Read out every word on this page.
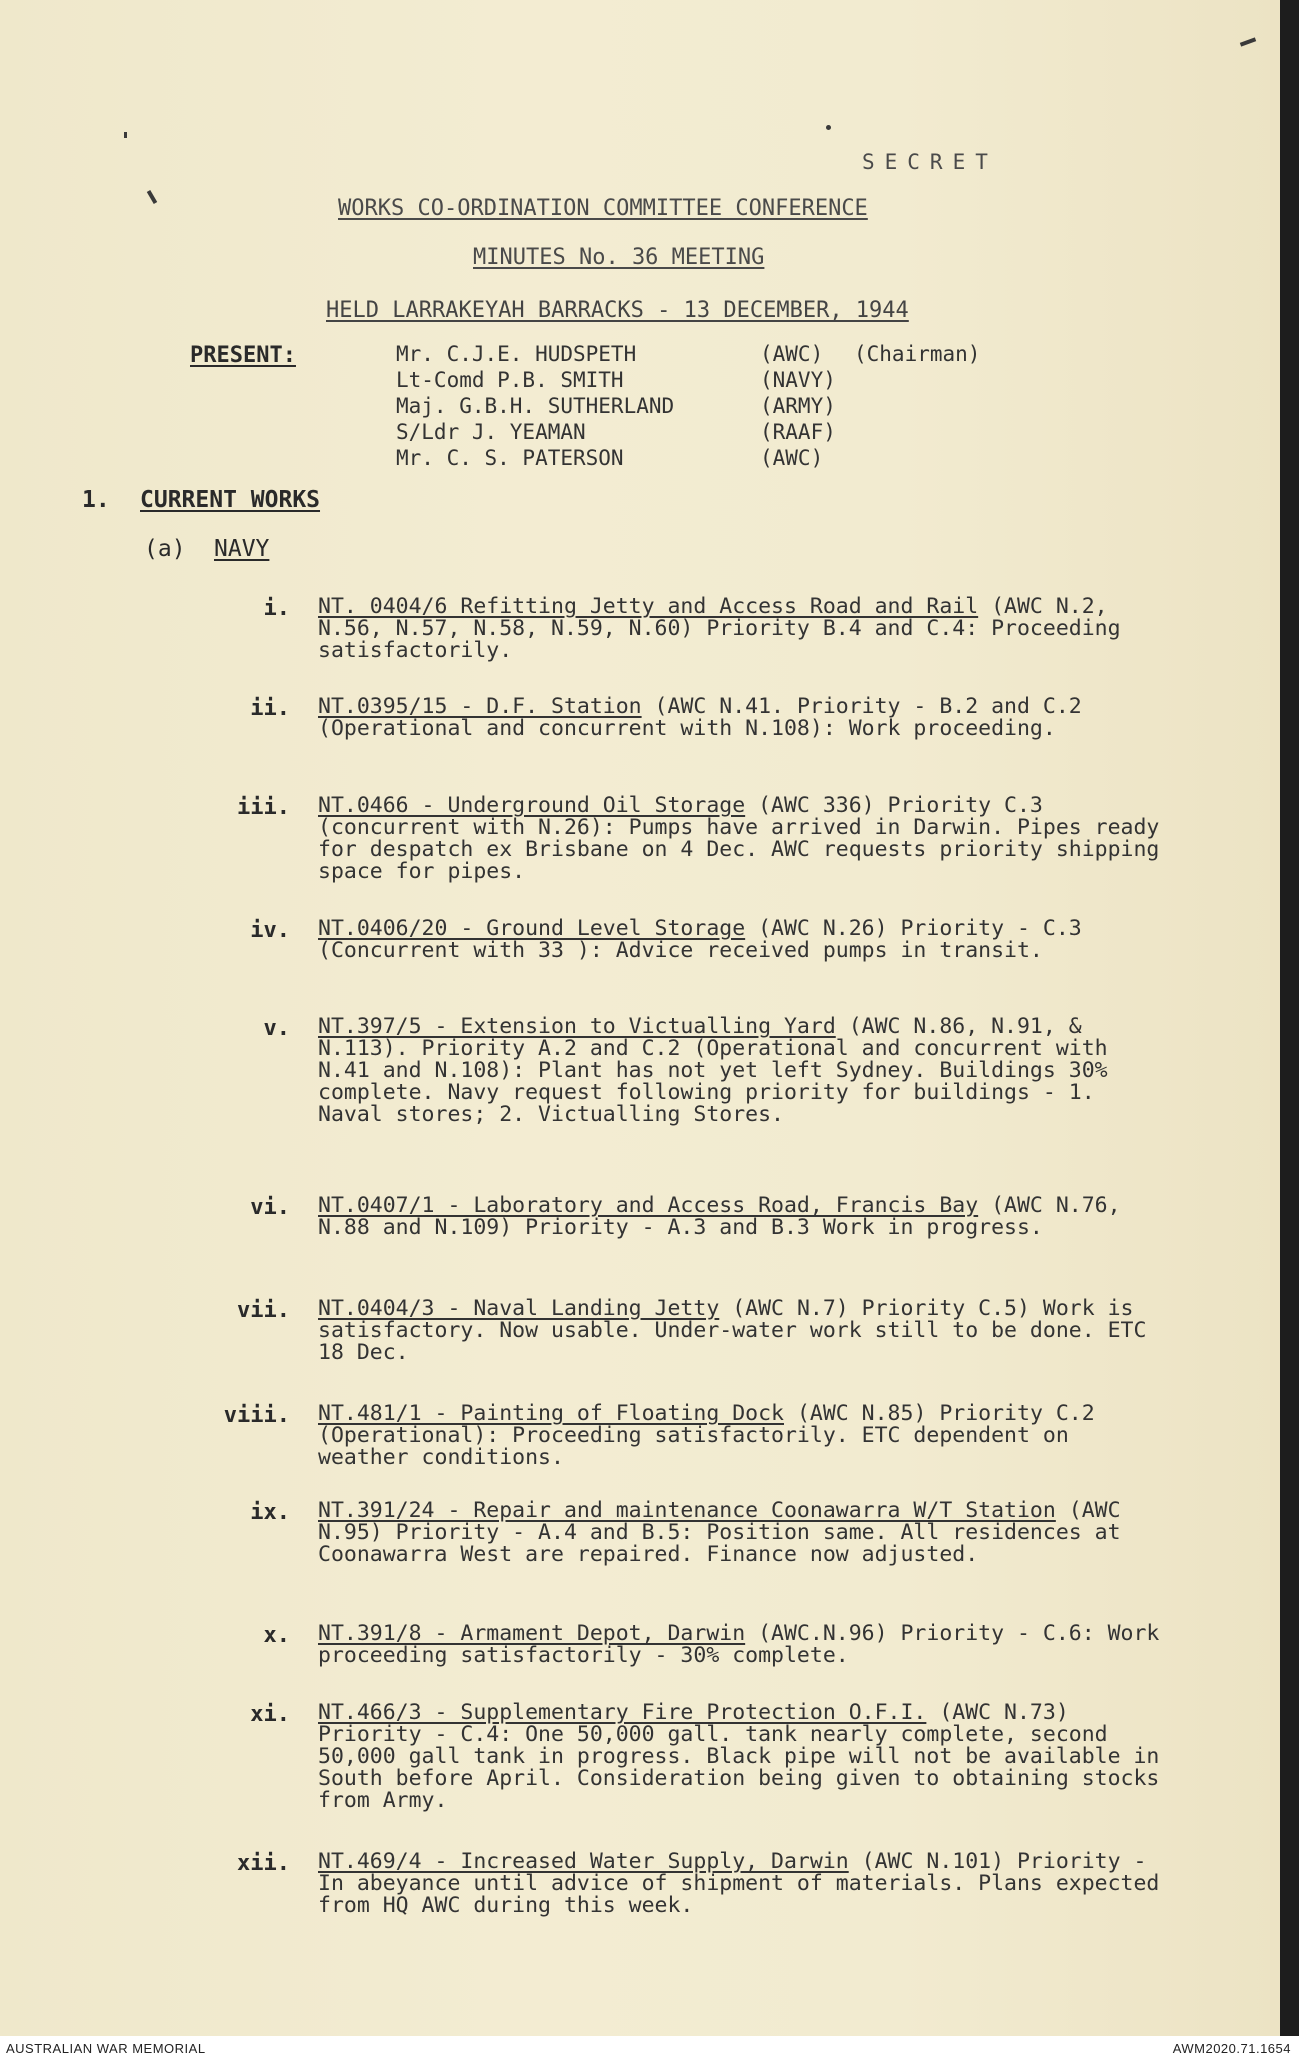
SECRET
WORKS CO-ORDINATION COMMITTEE CONFERENCE
MINUTES No. 36 MEETING
HELD LARRAKEYAH BARRACKS - 13 DECEMBER, 1944
PRESENT:	Mr. C.J.E. HUDSPETH	(AWC) (Chairman)
Lt-Comd P.B. SMITH	(NAVY)
Maj. G.B.H. SUTHERLAND	(ARMY)
S/Ldr J. YEAMAN	(RAAF)
Mr. C. S. PATERSON	(AWC)
1. CURRENT WORKS
(a) NAVY
i. NT. 0404/6 Refitting Jetty and Access Road and Rail (AWC N.2, N.56, N.57, N.58, N.59, N.60) Priority B.4 and C.4: Proceeding satisfactorily.
ii. NT.0395/15 - D.F. Station (AWC N.41. Priority - B.2 and C.2 (Operational and concurrent with N.108): Work proceeding.
iii. NT.0466 - Underground Oil Storage (AWC 336) Priority C.3 (concurrent with N.26): Pumps have arrived in Darwin. Pipes ready for despatch ex Brisbane on 4 Dec. AWC requests priority shipping space for pipes.
iv. NT.0406/20 - Ground Level Storage (AWC N.26) Priority - C.3 (Concurrent with 33 ): Advice received pumps in transit.
v. NT.397/5 - Extension to Victualling Yard (AWC N.86, N.91, & N.113). Priority A.2 and C.2 (Operational and concurrent with N.41 and N.108): Plant has not yet left Sydney. Buildings 30% complete. Navy request following priority for buildings - 1. Naval stores; 2. Victualling Stores.
vi. NT.0407/1 - Laboratory and Access Road, Francis Bay (AWC N.76, N.88 and N.109) Priority - A.3 and B.3 Work in progress.
vii. NT.0404/3 - Naval Landing Jetty (AWC N.7) Priority C.5) Work is satisfactory. Now usable. Under-water work still to be done. ETC 18 Dec.
viii. NT.481/1 - Painting of Floating Dock (AWC N.85) Priority C.2 (Operational): Proceeding satisfactorily. ETC dependent on weather conditions.
ix. NT.391/24 - Repair and maintenance Coonawarra W/T Station (AWC N.95) Priority - A.4 and B.5: Position same. All residences at Coonawarra West are repaired. Finance now adjusted.
x. NT.391/8 - Armament Depot, Darwin (AWC.N.96) Priority - C.6: Work proceeding satisfactorily - 30% complete.
xi. NT.466/3 - Supplementary Fire Protection O.F.I. (AWC N.73) Priority - C.4: One 50,000 gall. tank nearly complete, second 50,000 gall tank in progress. Black pipe will not be available in South before April. Consideration being given to obtaining stocks from Army.
xii. NT.469/4 - Increased Water Supply, Darwin (AWC N.101) Priority - In abeyance until advice of shipment of materials. Plans expected from HQ AWC during this week.
AUSTRALIAN WAR MEMORIAL	AWM2020.71.1654
